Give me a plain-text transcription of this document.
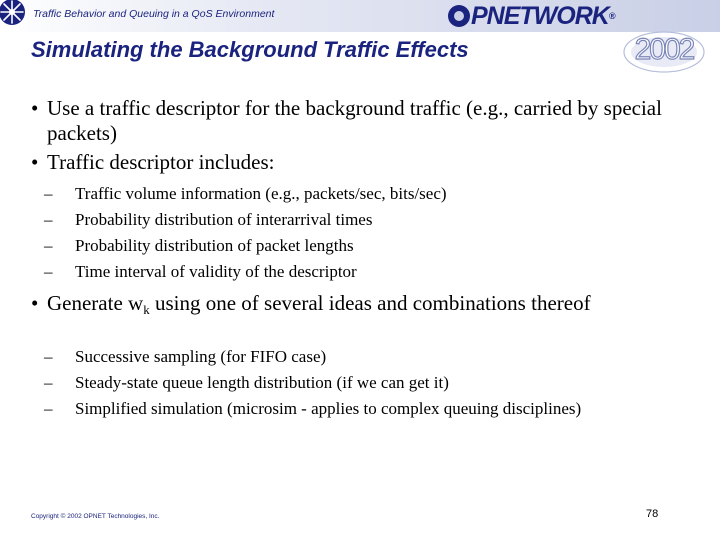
Traffic Behavior and Queuing in a QoS Environment	PNETWORK®
2002
Simulating the Background Traffic Effects
• Use a traffic descriptor for the background traffic (e.g., carried by special packets)
• Traffic descriptor includes:
–	Traffic volume information (e.g., packets/sec, bits/sec)
–	Probability distribution of interarrival times
–	Probability distribution of packet lengths
–	Time interval of validity of the descriptor
• Generate $w_k$ using one of several ideas and combinations thereof
–	Successive sampling (for FIFO case)
–	Steady-state queue length distribution (if we can get it)
–	Simplified simulation (microsim - applies to complex queuing disciplines)
Copyright © 2002 OPNET Technologies, Inc.	78
